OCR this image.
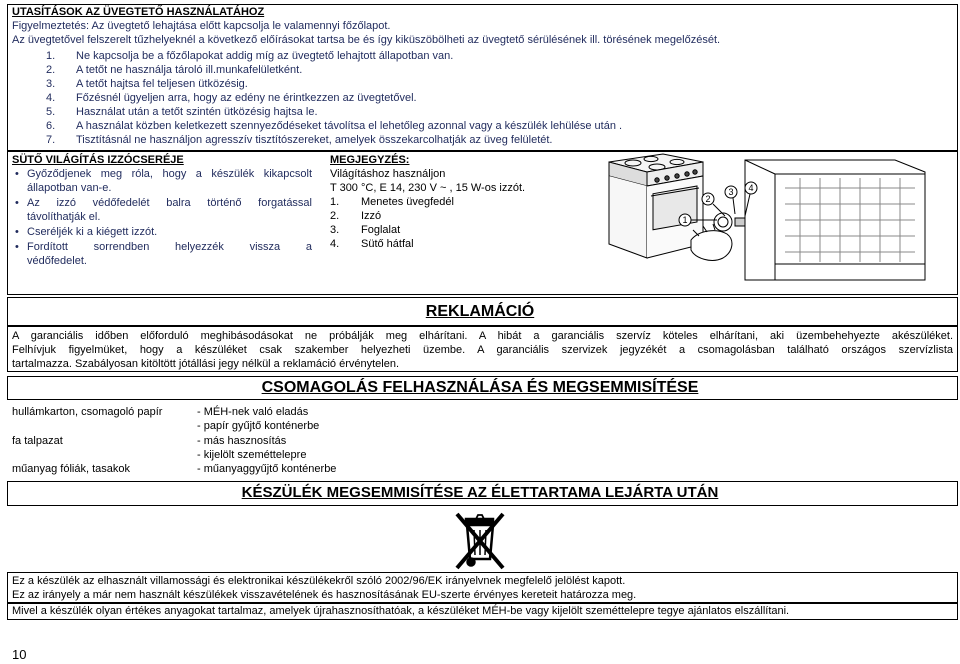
UTASÍTÁSOK AZ ÜVEGTETŐ HASZNÁLATÁHOZ
Figyelmeztetés: Az üvegtető lehajtása előtt kapcsolja le valamennyi főzőlapot.
Az üvegtetővel felszerelt tűzhelyeknél a következő előírásokat tartsa be és így kiküszöbölheti az üvegtető sérülésének ill. törésének megelőzését.
1. Ne kapcsolja be a főzőlapokat addig míg az üvegtető lehajtott állapotban van.
2. A tetőt ne használja tároló ill.munkafelületként.
3. A tetőt hajtsa fel teljesen ütközésig.
4. Főzésnél ügyeljen arra, hogy az edény ne érintkezzen az üvegtetővel.
5. Használat után a tetőt szintén ütközésig hajtsa le.
6. A használat közben keletkezett szennyeződéseket távolítsa el lehetőleg azonnal vagy a készülék lehülése után .
7. Tisztításnál ne használjon agresszív tisztítószereket, amelyek összekarcolhatják az üveg felületét.
SÜTŐ VILÁGÍTÁS IZZÓCSERÉJE
• Győződjenek meg róla, hogy a készülék kikapcsolt
állapotban van-e.
• Az izzó védőfedelét balra történő forgatással
távolíthatják el.
• Cseréljék ki a kiégett izzót.
• Fordított sorrendben helyezzék vissza a
védőfedelet.
MEGJEGYZÉS:
Világításhoz használjon
T 300 °C, E 14, 230 V ~ , 15 W-os izzót.
1. Menetes üvegfedél
2. Izzó
3. Foglalat
4. Sütő hátfal
1
2
3 4
REKLAMÁCIÓ
A garanciális időben előforduló meghibásodásokat ne próbálják meg elhárítani. A hibát a garanciális szervíz köteles elhárítani, aki üzembehehyezte akészüléket.
Felhívjuk figyelmüket, hogy a készüléket csak szakember helyezheti üzembe. A garanciális szervizek jegyzékét a csomagolásban található országos szervízlista
tartalmazza. Szabályosan kitöltött jótállási jegy nélkül a reklamáció érvénytelen.
CSOMAGOLÁS FELHASZNÁLÁSA ÉS MEGSEMMISÍTÉSE
hullámkarton, csomagoló papír
fa talpazat
műanyag fóliák, tasakok
- MÉH-nek való eladás
- papír gyűjtő konténerbe
- más hasznosítás
- kijelölt szeméttelepre
- műanyaggyűjtő konténerbe
KÉSZÜLÉK MEGSEMMISÍTÉSE AZ ÉLETTARTAMA LEJÁRTA UTÁN
Ez a készülék az elhasznált villamossági és elektronikai készülékekről szóló 2002/96/EK irányelvnek megfelelő jelölést kapott.
Ez az irányely a már nem használt készülékek visszavételének és hasznosításának EU-szerte érvényes kereteit határozza meg.
Mivel a készülék olyan értékes anyagokat tartalmaz, amelyek újrahasznosíthatóak, a készüléket MÉH-be vagy kijelölt szeméttelepre tegye ajánlatos elszállítani.
10
